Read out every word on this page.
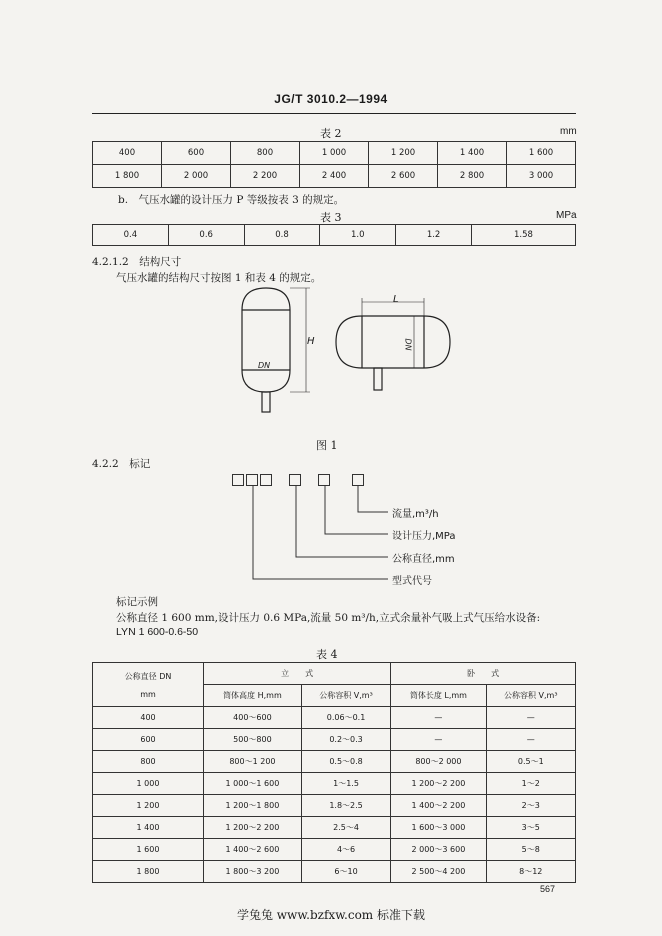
JG/T 3010.2—1994
表 2	mm
400	600	800	1 000	1 200	1 400	1 600
1 800	2 000	2 200	2 400	2 600	2 800	3 000
b.　气压水罐的设计压力 P 等级按表 3 的规定。
表 3	MPa
0.4	0.6	0.8	1.0	1.2	1.58
4.2.1.2　结构尺寸
气压水罐的结构尺寸按图 1 和表 4 的规定。
H
DN
L
DN
图 1
4.2.2　标记
流量,m³/h
设计压力,MPa
公称直径,mm
型式代号
标记示例
公称直径 1 600 mm,设计压力 0.6 MPa,流量 50 m³/h,立式余量补气吸上式气压给水设备:
LYN 1 600-0.6-50
表 4
公称直径 DN
mm	立　　式		卧　　式	
	筒体高度 H,mm	公称容积 V,m³	筒体长度 L,mm	公称容积 V,m³
400	400～600	0.06～0.1	—	—
600	500～800	0.2～0.3	—	—
800	800～1 200	0.5～0.8	800～2 000	0.5～1
1 000	1 000～1 600	1～1.5	1 200～2 200	1～2
1 200	1 200～1 800	1.8～2.5	1 400～2 200	2～3
1 400	1 200～2 200	2.5～4	1 600～3 000	3～5
1 600	1 400～2 600	4～6	2 000～3 600	5～8
1 800	1 800～3 200	6～10	2 500～4 200	8～12
567
学兔兔 www.bzfxw.com 标准下载
